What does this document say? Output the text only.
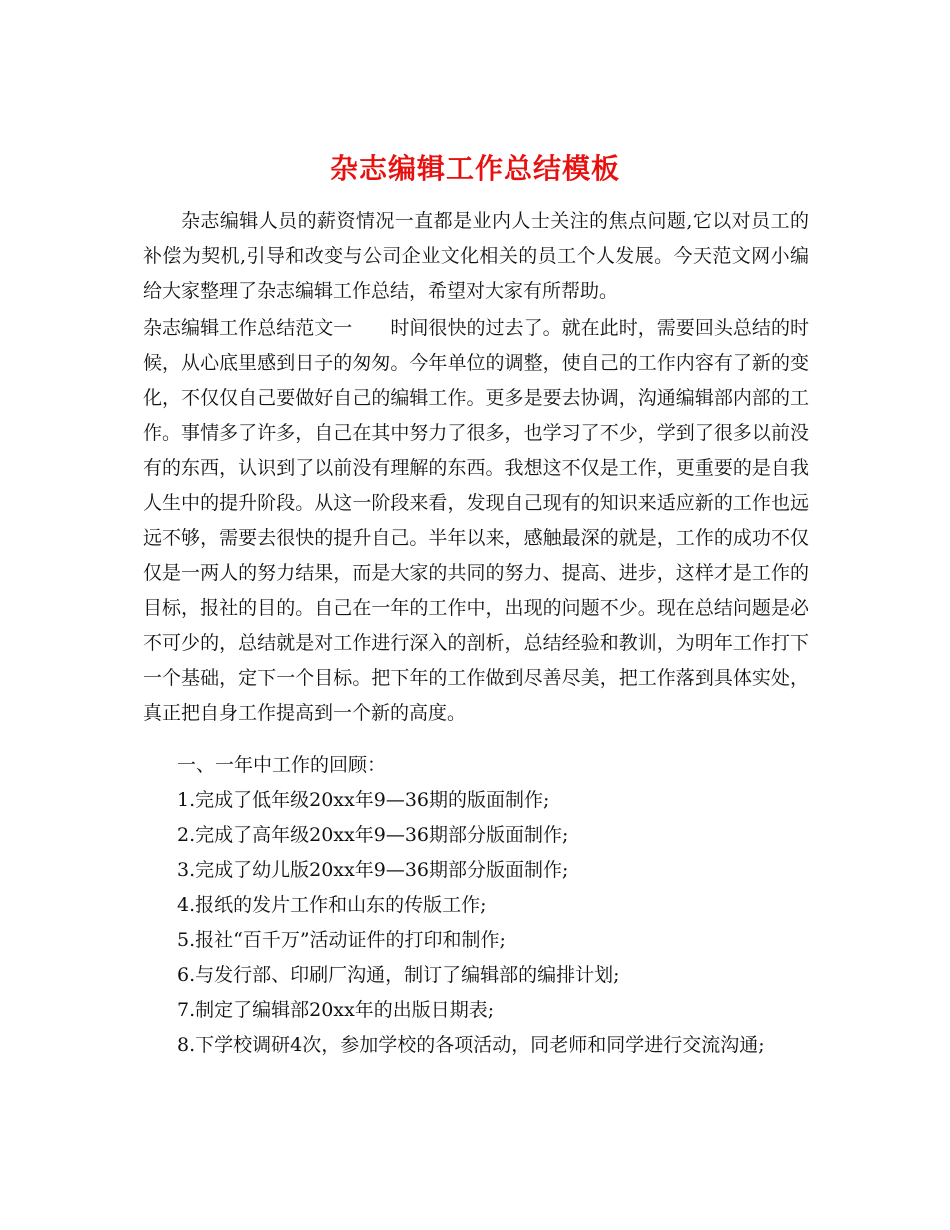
杂志编辑工作总结模板

杂志编辑人员的薪资情况一直都是业内人士关注的焦点问题,它以对员工的补偿为契机,引导和改变与公司企业文化相关的员工个人发展。今天范文网小编给大家整理了杂志编辑工作总结，希望对大家有所帮助。

杂志编辑工作总结范文一 时间很快的过去了。就在此时，需要回头总结的时候，从心底里感到日子的匆匆。今年单位的调整，使自己的工作内容有了新的变化，不仅仅自己要做好自己的编辑工作。更多是要去协调，沟通编辑部内部的工作。事情多了许多，自己在其中努力了很多，也学习了不少，学到了很多以前没有的东西，认识到了以前没有理解的东西。我想这不仅是工作，更重要的是自我人生中的提升阶段。从这一阶段来看，发现自己现有的知识来适应新的工作也远远不够，需要去很快的提升自己。半年以来，感触最深的就是，工作的成功不仅仅是一两人的努力结果，而是大家的共同的努力、提高、进步，这样才是工作的目标，报社的目的。自己在一年的工作中，出现的问题不少。现在总结问题是必不可少的，总结就是对工作进行深入的剖析，总结经验和教训，为明年工作打下一个基础，定下一个目标。把下年的工作做到尽善尽美，把工作落到具体实处，真正把自身工作提高到一个新的高度。

一、一年中工作的回顾：
1.完成了低年级20xx年9—36期的版面制作;
2.完成了高年级20xx年9—36期部分版面制作;
3.完成了幼儿版20xx年9—36期部分版面制作;
4.报纸的发片工作和山东的传版工作;
5.报社“百千万”活动证件的打印和制作;
6.与发行部、印刷厂沟通，制订了编辑部的编排计划;
7.制定了编辑部20xx年的出版日期表;
8.下学校调研4次，参加学校的各项活动，同老师和同学进行交流沟通;
